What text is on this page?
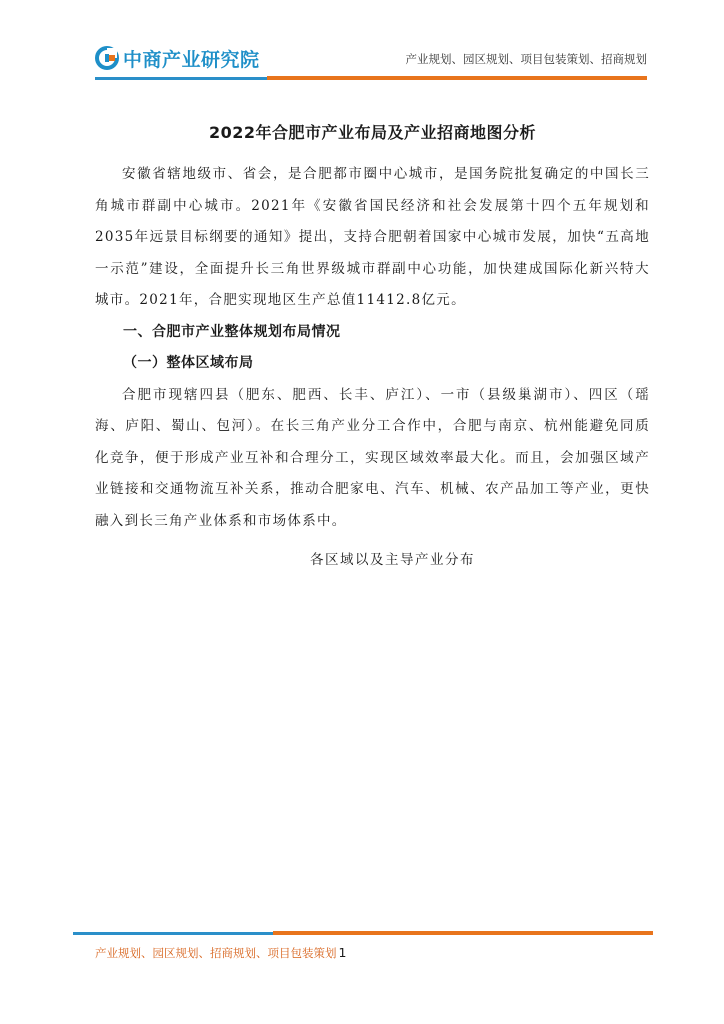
中商产业研究院	产业规划、园区规划、项目包装策划、招商规划
2022年合肥市产业布局及产业招商地图分析

安徽省辖地级市、省会，是合肥都市圈中心城市，是国务院批复确定的中国长三角城市群副中心城市。2021年《安徽省国民经济和社会发展第十四个五年规划和2035年远景目标纲要的通知》提出，支持合肥朝着国家中心城市发展，加快“五高地一示范”建设，全面提升长三角世界级城市群副中心功能，加快建成国际化新兴特大城市。2021年，合肥实现地区生产总值11412.8亿元。

一、合肥市产业整体规划布局情况

（一）整体区域布局

合肥市现辖四县（肥东、肥西、长丰、庐江）、一市（县级巢湖市）、四区（瑶海、庐阳、蜀山、包河）。在长三角产业分工合作中，合肥与南京、杭州能避免同质化竞争，便于形成产业互补和合理分工，实现区域效率最大化。而且，会加强区域产业链接和交通物流互补关系，推动合肥家电、汽车、机械、农产品加工等产业，更快融入到长三角产业体系和市场体系中。

各区域以及主导产业分布

产业规划、园区规划、招商规划、项目包装策划 1
